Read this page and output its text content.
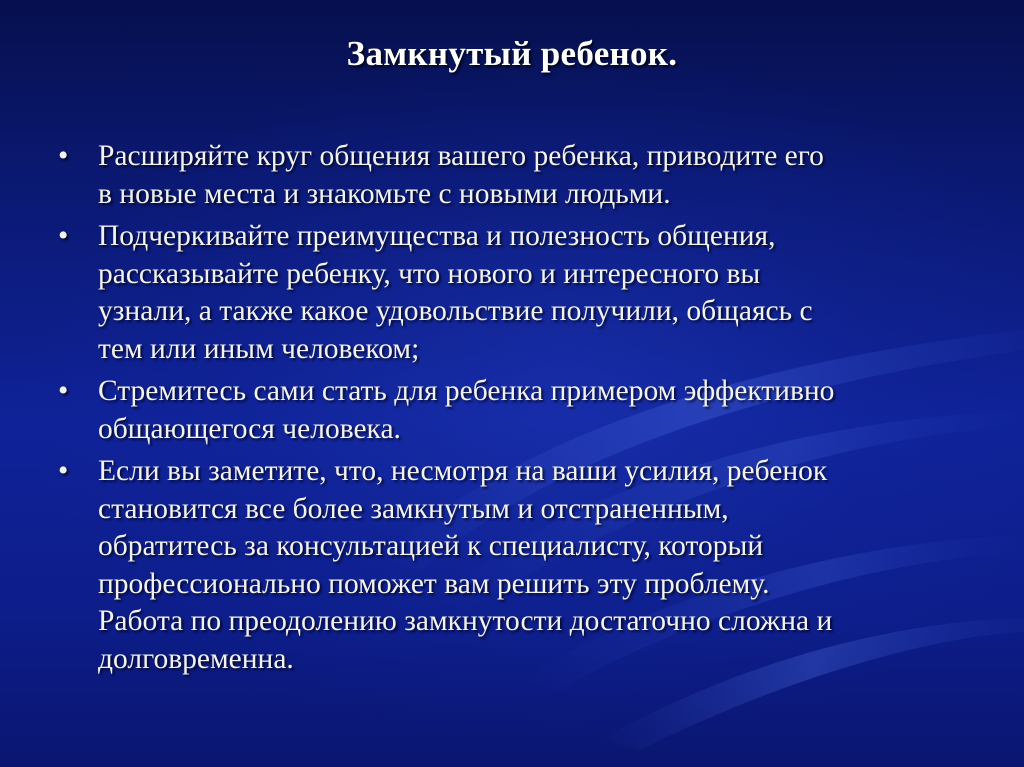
Замкнутый ребенок.
• Расширяйте круг общения вашего ребенка, приводите его
в новые места и знакомьте с новыми людьми.
• Подчеркивайте преимущества и полезность общения,
рассказывайте ребенку, что нового и интересного вы
узнали, а также какое удовольствие получили, общаясь с
тем или иным человеком;
• Стремитесь сами стать для ребенка примером эффективно
общающегося человека.
• Если вы заметите, что, несмотря на ваши усилия, ребенок
становится все более замкнутым и отстраненным,
обратитесь за консультацией к специалисту, который
профессионально поможет вам решить эту проблему.
Работа по преодолению замкнутости достаточно сложна и
долговременна.
